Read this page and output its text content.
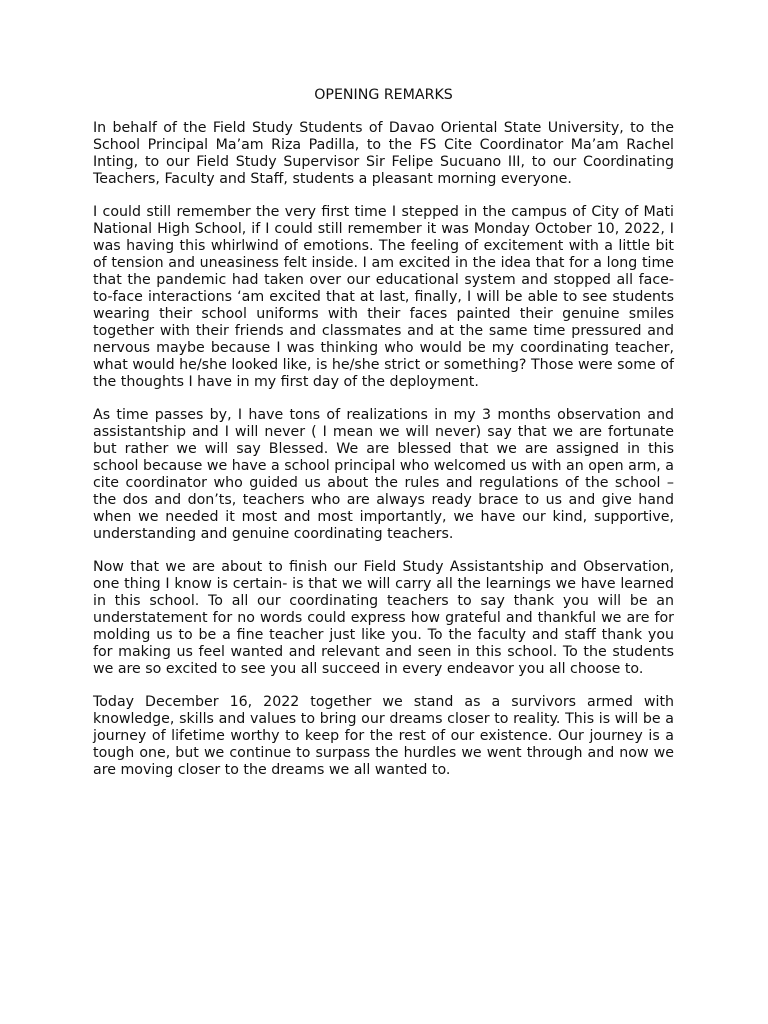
OPENING REMARKS

In behalf of the Field Study Students of Davao Oriental State University, to the School Principal Ma’am Riza Padilla, to the FS Cite Coordinator Ma’am Rachel Inting, to our Field Study Supervisor Sir Felipe Sucuano III, to our Coordinating Teachers, Faculty and Staff, students a pleasant morning everyone.

I could still remember the very first time I stepped in the campus of City of Mati National High School, if I could still remember it was Monday October 10, 2022, I was having this whirlwind of emotions. The feeling of excitement with a little bit of tension and uneasiness felt inside. I am excited in the idea that for a long time that the pandemic had taken over our educational system and stopped all face-to-face interactions ‘am excited that at last, finally, I will be able to see students wearing their school uniforms with their faces painted their genuine smiles together with their friends and classmates and at the same time pressured and nervous maybe because I was thinking who would be my coordinating teacher, what would he/she looked like, is he/she strict or something? Those were some of the thoughts I have in my first day of the deployment.

As time passes by, I have tons of realizations in my 3 months observation and assistantship and I will never ( I mean we will never) say that we are fortunate but rather we will say Blessed. We are blessed that we are assigned in this school because we have a school principal who welcomed us with an open arm, a cite coordinator who guided us about the rules and regulations of the school – the dos and don’ts, teachers who are always ready brace to us and give hand when we needed it most and most importantly, we have our kind, supportive, understanding and genuine coordinating teachers.

Now that we are about to finish our Field Study Assistantship and Observation, one thing I know is certain- is that we will carry all the learnings we have learned in this school. To all our coordinating teachers to say thank you will be an understatement for no words could express how grateful and thankful we are for molding us to be a fine teacher just like you. To the faculty and staff thank you for making us feel wanted and relevant and seen in this school. To the students we are so excited to see you all succeed in every endeavor you all choose to.

Today December 16, 2022 together we stand as a survivors armed with knowledge, skills and values to bring our dreams closer to reality. This is will be a journey of lifetime worthy to keep for the rest of our existence. Our journey is a tough one, but we continue to surpass the hurdles we went through and now we are moving closer to the dreams we all wanted to.
